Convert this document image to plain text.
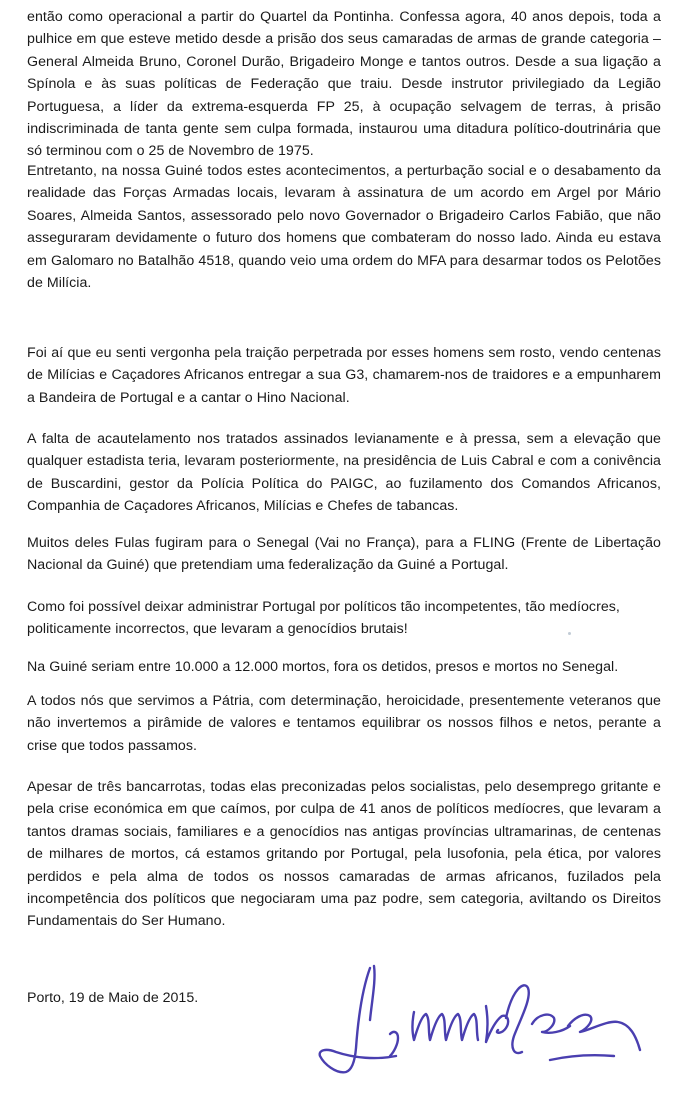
então como operacional a partir do Quartel da Pontinha. Confessa agora, 40 anos depois, toda a pulhice em que esteve metido desde a prisão dos seus camaradas de armas de grande categoria – General Almeida Bruno, Coronel Durão, Brigadeiro Monge e tantos outros. Desde a sua ligação a Spínola e às suas políticas de Federação que traiu. Desde instrutor privilegiado da Legião Portuguesa, a líder da extrema-esquerda FP 25, à ocupação selvagem de terras, à prisão indiscriminada de tanta gente sem culpa formada, instaurou uma ditadura político-doutrinária que só terminou com o 25 de Novembro de 1975.

Entretanto, na nossa Guiné todos estes acontecimentos, a perturbação social e o desabamento da realidade das Forças Armadas locais, levaram à assinatura de um acordo em Argel por Mário Soares, Almeida Santos, assessorado pelo novo Governador o Brigadeiro Carlos Fabião, que não asseguraram devidamente o futuro dos homens que combateram do nosso lado. Ainda eu estava em Galomaro no Batalhão 4518, quando veio uma ordem do MFA para desarmar todos os Pelotões de Milícia.

Foi aí que eu senti vergonha pela traição perpetrada por esses homens sem rosto, vendo centenas de Milícias e Caçadores Africanos entregar a sua G3, chamarem-nos de traidores e a empunharem a Bandeira de Portugal e a cantar o Hino Nacional.

A falta de acautelamento nos tratados assinados levianamente e à pressa, sem a elevação que qualquer estadista teria, levaram posteriormente, na presidência de Luis Cabral e com a conivência de Buscardini, gestor da Polícia Política do PAIGC, ao fuzilamento dos Comandos Africanos, Companhia de Caçadores Africanos, Milícias e Chefes de tabancas.

Muitos deles Fulas fugiram para o Senegal (Vai no França), para a FLING (Frente de Libertação Nacional da Guiné) que pretendiam uma federalização da Guiné a Portugal.

Como foi possível deixar administrar Portugal por políticos tão incompetentes, tão medíocres, politicamente incorrectos, que levaram a genocídios brutais!

Na Guiné seriam entre 10.000 a 12.000 mortos, fora os detidos, presos e mortos no Senegal.

A todos nós que servimos a Pátria, com determinação, heroicidade, presentemente veteranos que não invertemos a pirâmide de valores e tentamos equilibrar os nossos filhos e netos, perante a crise que todos passamos.

Apesar de três bancarrotas, todas elas preconizadas pelos socialistas, pelo desemprego gritante e pela crise económica em que caímos, por culpa de 41 anos de políticos medíocres, que levaram a tantos dramas sociais, familiares e a genocídios nas antigas províncias ultramarinas, de centenas de milhares de mortos, cá estamos gritando por Portugal, pela lusofonia, pela ética, por valores perdidos e pela alma de todos os nossos camaradas de armas africanos, fuzilados pela incompetência dos políticos que negociaram uma paz podre, sem categoria, aviltando os Direitos Fundamentais do Ser Humano.

Porto, 19 de Maio de 2015.
